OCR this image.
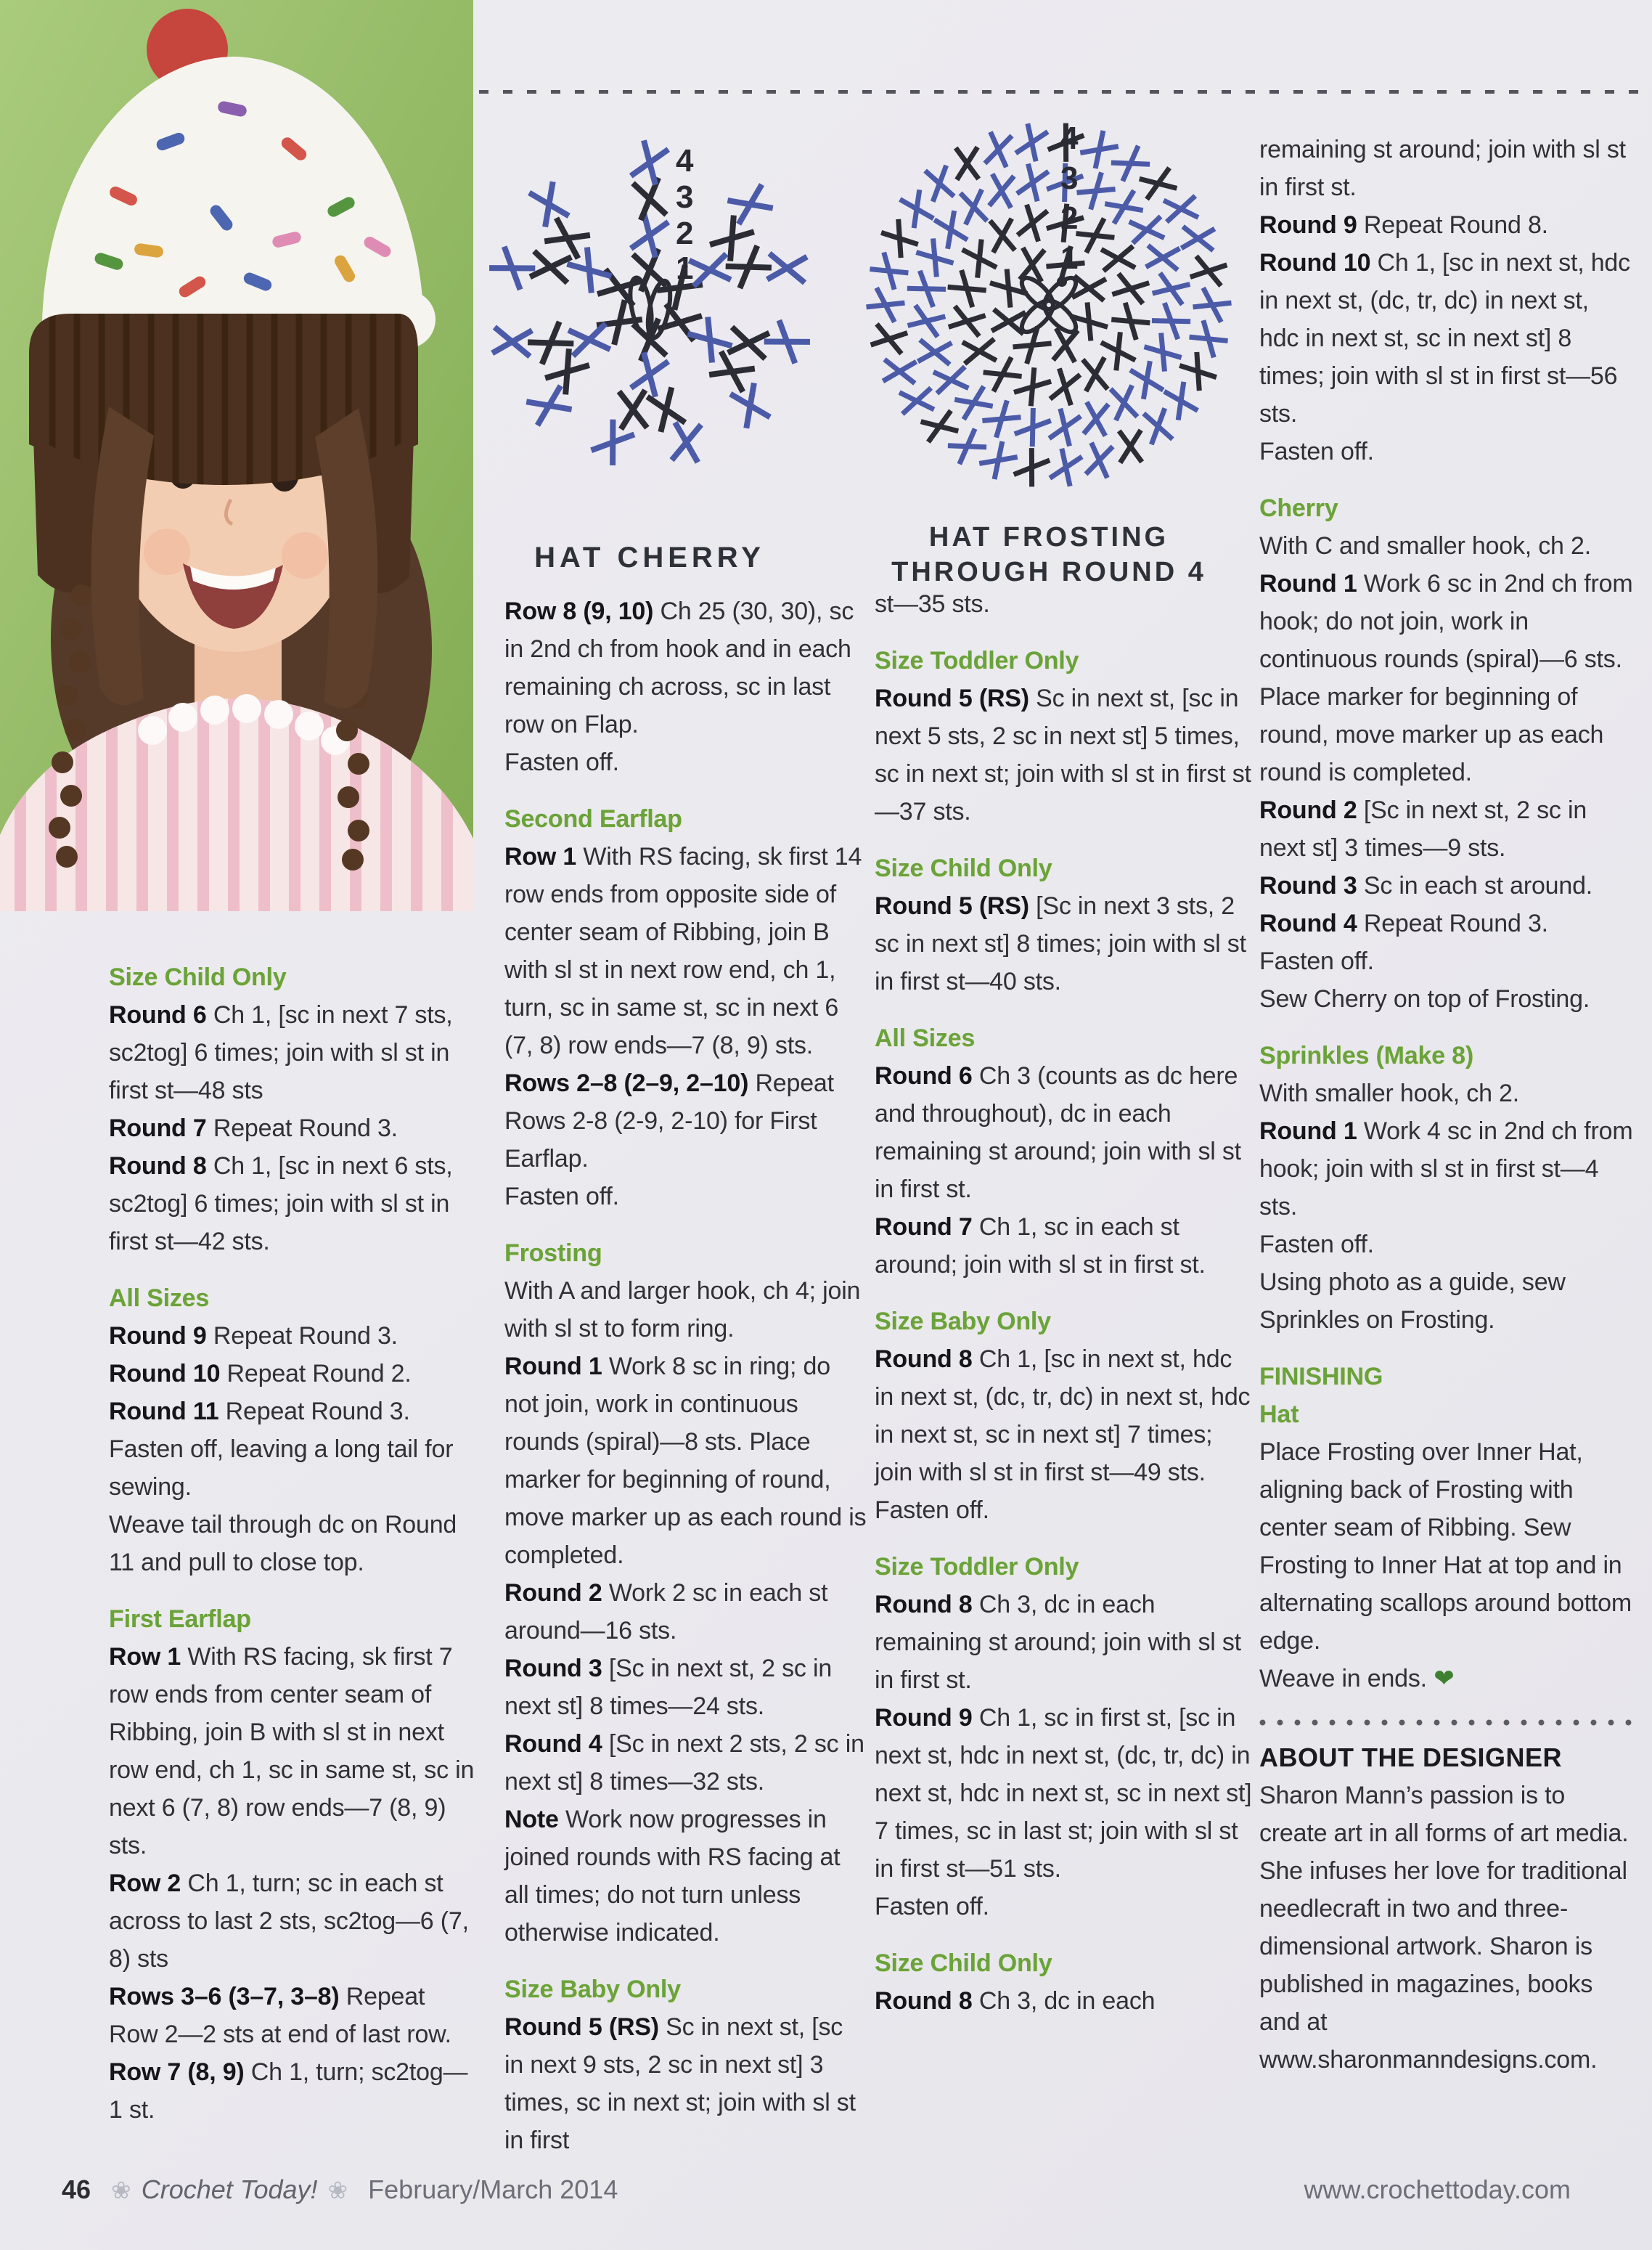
1
2
3
4
HAT CHERRY
1
2
3
4
HAT FROSTING
THROUGH ROUND 4
Size Child Only

Round 6 Ch 1, [sc in next 7 sts, sc2tog] 6 times; join with sl st in first st—48 sts

Round 7 Repeat Round 3.

Round 8 Ch 1, [sc in next 6 sts, sc2tog] 6 times; join with sl st in first st—42 sts.

All Sizes

Round 9 Repeat Round 3.

Round 10 Repeat Round 2.

Round 11 Repeat Round 3.

Fasten off, leaving a long tail for sewing.

Weave tail through dc on Round 11 and pull to close top.

First Earflap

Row 1 With RS facing, sk first 7 row ends from center seam of Ribbing, join B with sl st in next row end, ch 1, sc in same st, sc in next 6 (7, 8) row ends—7 (8, 9) sts.

Row 2 Ch 1, turn; sc in each st across to last 2 sts, sc2tog—6 (7, 8) sts

Rows 3–6 (3–7, 3–8) Repeat Row 2—2 sts at end of last row.

Row 7 (8, 9) Ch 1, turn; sc2tog—1 st.

Row 8 (9, 10) Ch 25 (30, 30), sc in 2nd ch from hook and in each remaining ch across, sc in last row on Flap.

Fasten off.

Second Earflap

Row 1 With RS facing, sk first 14 row ends from opposite side of center seam of Ribbing, join B with sl st in next row end, ch 1, turn, sc in same st, sc in next 6 (7, 8) row ends—7 (8, 9) sts.

Rows 2–8 (2–9, 2–10) Repeat Rows 2-8 (2-9, 2-10) for First Earflap.

Fasten off.

Frosting

With A and larger hook, ch 4; join with sl st to form ring.

Round 1 Work 8 sc in ring; do not join, work in continuous rounds (spiral)—8 sts. Place marker for beginning of round, move marker up as each round is completed.

Round 2 Work 2 sc in each st around—16 sts.

Round 3 [Sc in next st, 2 sc in next st] 8 times—24 sts.

Round 4 [Sc in next 2 sts, 2 sc in next st] 8 times—32 sts.

Note Work now progresses in joined rounds with RS facing at all times; do not turn unless otherwise indicated.

Size Baby Only

Round 5 (RS) Sc in next st, [sc in next 9 sts, 2 sc in next st] 3 times, sc in next st; join with sl st in first

st—35 sts.

Size Toddler Only

Round 5 (RS) Sc in next st, [sc in next 5 sts, 2 sc in next st] 5 times, sc in next st; join with sl st in first st—37 sts.

Size Child Only

Round 5 (RS) [Sc in next 3 sts, 2 sc in next st] 8 times; join with sl st in first st—40 sts.

All Sizes

Round 6 Ch 3 (counts as dc here and throughout), dc in each remaining st around; join with sl st in first st.

Round 7 Ch 1, sc in each st around; join with sl st in first st.

Size Baby Only

Round 8 Ch 1, [sc in next st, hdc in next st, (dc, tr, dc) in next st, hdc in next st, sc in next st] 7 times; join with sl st in first st—49 sts.

Fasten off.

Size Toddler Only

Round 8 Ch 3, dc in each remaining st around; join with sl st in first st.

Round 9 Ch 1, sc in first st, [sc in next st, hdc in next st, (dc, tr, dc) in next st, hdc in next st, sc in next st] 7 times, sc in last st; join with sl st in first st—51 sts.

Fasten off.

Size Child Only

Round 8 Ch 3, dc in each

remaining st around; join with sl st in first st.

Round 9 Repeat Round 8.

Round 10 Ch 1, [sc in next st, hdc in next st, (dc, tr, dc) in next st, hdc in next st, sc in next st] 8 times; join with sl st in first st—56 sts.

Fasten off.

Cherry

With C and smaller hook, ch 2.

Round 1 Work 6 sc in 2nd ch from hook; do not join, work in continuous rounds (spiral)—6 sts. Place marker for beginning of round, move marker up as each round is completed.

Round 2 [Sc in next st, 2 sc in next st] 3 times—9 sts.

Round 3 Sc in each st around.

Round 4 Repeat Round 3.

Fasten off.

Sew Cherry on top of Frosting.

Sprinkles (Make 8)

With smaller hook, ch 2.

Round 1 Work 4 sc in 2nd ch from hook; join with sl st in first st—4 sts.

Fasten off.

Using photo as a guide, sew Sprinkles on Frosting.

FINISHING
Hat

Place Frosting over Inner Hat, aligning back of Frosting with center seam of Ribbing. Sew Frosting to Inner Hat at top and in alternating scallops around bottom edge.

Weave in ends. ❤

ABOUT THE DESIGNER

Sharon Mann’s passion is to create art in all forms of art media. She infuses her love for traditional needlecraft in two and three-dimensional artwork. Sharon is published in magazines, books and at www.sharonmanndesigns.com.

46 ❀ Crochet Today! ❀ February/March 2014	www.crochettoday.com
